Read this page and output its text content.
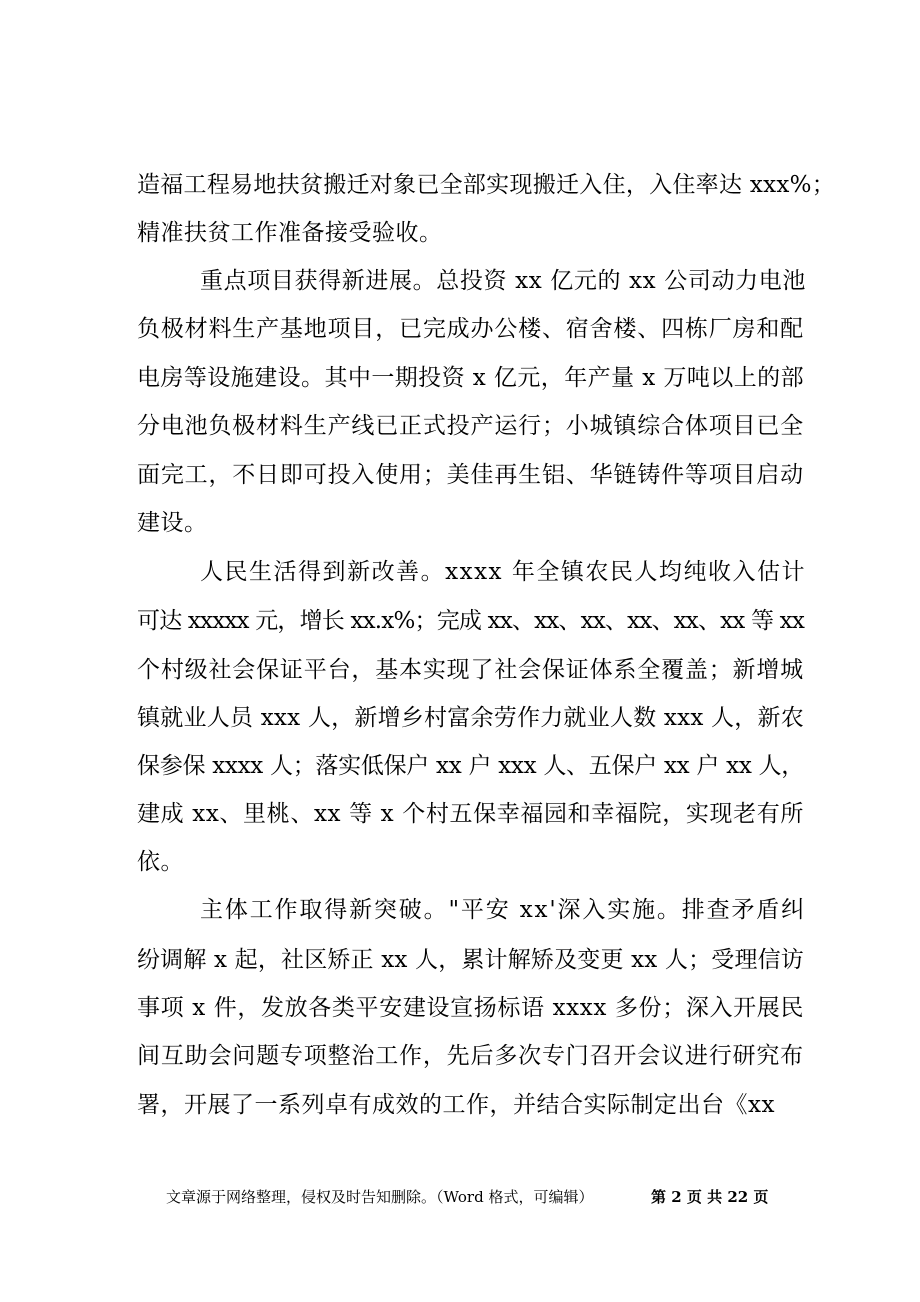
造福工程易地扶贫搬迁对象已全部实现搬迁入住，入住率达 xxx%；
精准扶贫工作准备接受验收。
重点项目获得新进展。总投资 xx 亿元的 xx 公司动力电池
负极材料生产基地项目，已完成办公楼、宿舍楼、四栋厂房和配
电房等设施建设。其中一期投资 x 亿元，年产量 x 万吨以上的部
分电池负极材料生产线已正式投产运行；小城镇综合体项目已全
面完工，不日即可投入使用；美佳再生铝、华链铸件等项目启动
建设。
人民生活得到新改善。xxxx 年全镇农民人均纯收入估计
可达 xxxxx 元，增长 xx.x%；完成 xx、xx、xx、xx、xx、xx 等 xx
个村级社会保证平台，基本实现了社会保证体系全覆盖；新增城
镇就业人员 xxx 人，新增乡村富余劳作力就业人数 xxx 人，新农
保参保 xxxx 人；落实低保户 xx 户 xxx 人、五保户 xx 户 xx 人，
建成 xx、里桃、xx 等 x 个村五保幸福园和幸福院，实现老有所
依。
主体工作取得新突破。"平安 xx'深入实施。排查矛盾纠
纷调解 x 起，社区矫正 xx 人，累计解矫及变更 xx 人；受理信访
事项 x 件，发放各类平安建设宣扬标语 xxxx 多份；深入开展民
间互助会问题专项整治工作，先后多次专门召开会议进行研究布
署，开展了一系列卓有成效的工作，并结合实际制定出台《xx
文章源于网络整理，侵权及时告知删除。（Word 格式，可编辑）	第 2 页 共 22 页
